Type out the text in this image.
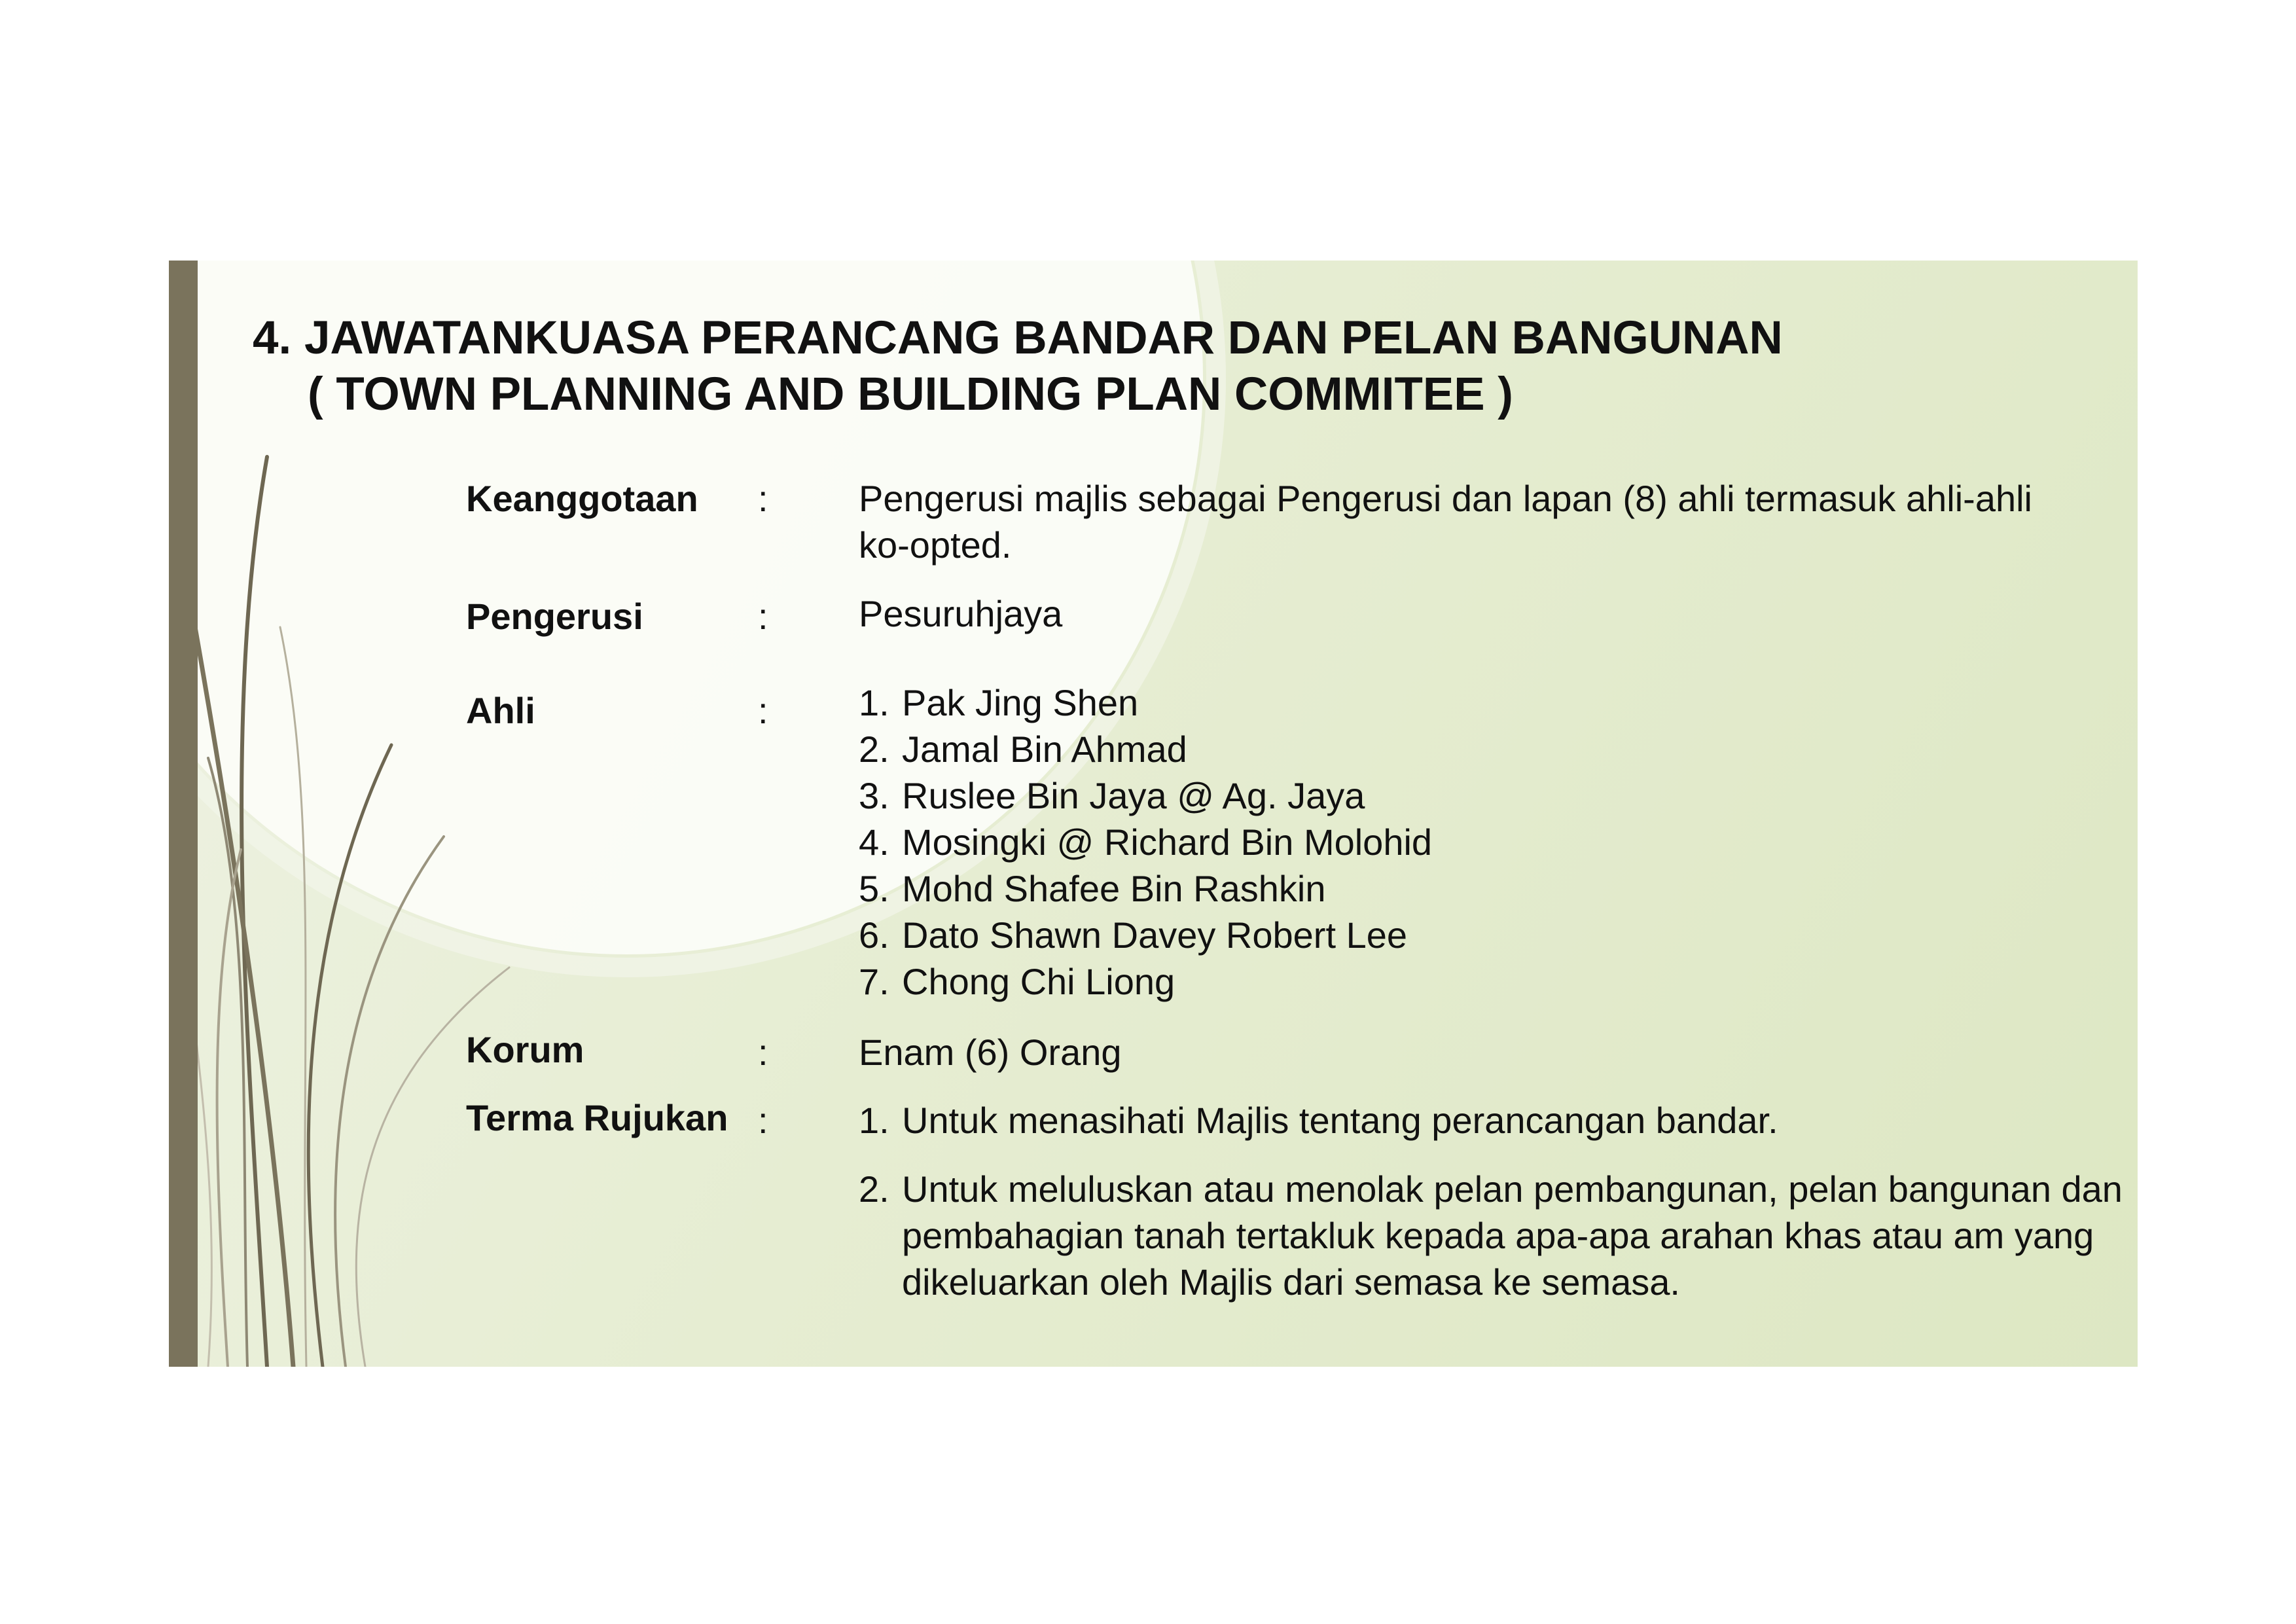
4. JAWATANKUASA PERANCANG BANDAR DAN PELAN BANGUNAN
( TOWN PLANNING AND BUILDING PLAN COMMITEE )
Keanggotaan : Pengerusi majlis sebagai Pengerusi dan lapan (8) ahli termasuk ahli-ahli ko-opted.
Pengerusi	: Pesuruhjaya
Ahli	: 1. Pak Jing Shen
2. Jamal Bin Ahmad
3. Ruslee Bin Jaya @ Ag. Jaya
4. Mosingki @ Richard Bin Molohid
5. Mohd Shafee Bin Rashkin
6. Dato Shawn Davey Robert Lee
7. Chong Chi Liong
Korum	: Enam (6) Orang
Terma Rujukan : 1. Untuk menasihati Majlis tentang perancangan bandar.
2. Untuk meluluskan atau menolak pelan pembangunan, pelan bangunan dan pembahagian tanah tertakluk kepada apa-apa arahan khas atau am yang dikeluarkan oleh Majlis dari semasa ke semasa.
